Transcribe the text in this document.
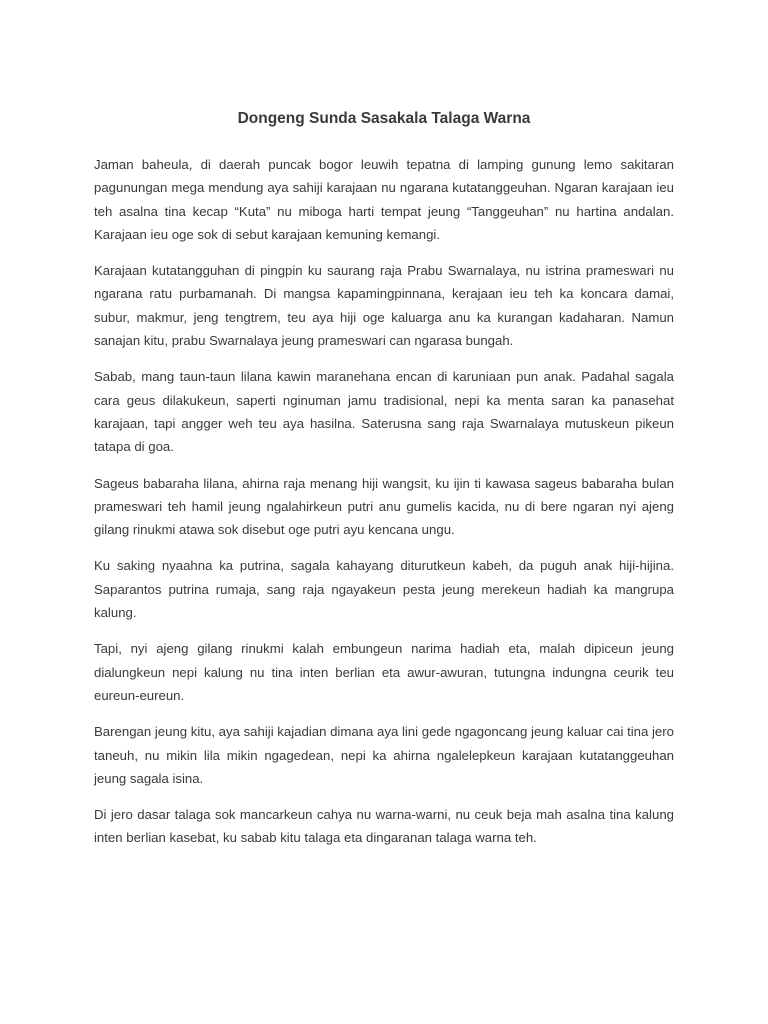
Dongeng Sunda Sasakala Talaga Warna

Jaman baheula, di daerah puncak bogor leuwih tepatna di lamping gunung lemo sakitaran pagunungan mega mendung aya sahiji karajaan nu ngarana kutatanggeuhan. Ngaran karajaan ieu teh asalna tina kecap “Kuta” nu miboga harti tempat jeung “Tanggeuhan” nu hartina andalan. Karajaan ieu oge sok di sebut karajaan kemuning kemangi.

Karajaan kutatangguhan di pingpin ku saurang raja Prabu Swarnalaya, nu istrina prameswari nu ngarana ratu purbamanah. Di mangsa kapamingpinnana, kerajaan ieu teh ka koncara damai, subur, makmur, jeng tengtrem, teu aya hiji oge kaluarga anu ka kurangan kadaharan. Namun sanajan kitu, prabu Swarnalaya jeung prameswari can ngarasa bungah.

Sabab, mang taun-taun lilana kawin maranehana encan di karuniaan pun anak. Padahal sagala cara geus dilakukeun, saperti nginuman jamu tradisional, nepi ka menta saran ka panasehat karajaan, tapi angger weh teu aya hasilna. Saterusna sang raja Swarnalaya mutuskeun pikeun tatapa di goa.

Sageus babaraha lilana, ahirna raja menang hiji wangsit, ku ijin ti kawasa sageus babaraha bulan prameswari teh hamil jeung ngalahirkeun putri anu gumelis kacida, nu di bere ngaran nyi ajeng gilang rinukmi atawa sok disebut oge putri ayu kencana ungu.

Ku saking nyaahna ka putrina, sagala kahayang diturutkeun kabeh, da puguh anak hiji-hijina. Saparantos putrina rumaja, sang raja ngayakeun pesta jeung merekeun hadiah ka mangrupa kalung.

Tapi, nyi ajeng gilang rinukmi kalah embungeun narima hadiah eta, malah dipiceun jeung dialungkeun nepi kalung nu tina inten berlian eta awur-awuran, tutungna indungna ceurik teu eureun-eureun.

Barengan jeung kitu, aya sahiji kajadian dimana aya lini gede ngagoncang jeung kaluar cai tina jero taneuh, nu mikin lila mikin ngagedean, nepi ka ahirna ngalelepkeun karajaan kutatanggeuhan jeung sagala isina.

Di jero dasar talaga sok mancarkeun cahya nu warna-warni, nu ceuk beja mah asalna tina kalung inten berlian kasebat, ku sabab kitu talaga eta dingaranan talaga warna teh.
